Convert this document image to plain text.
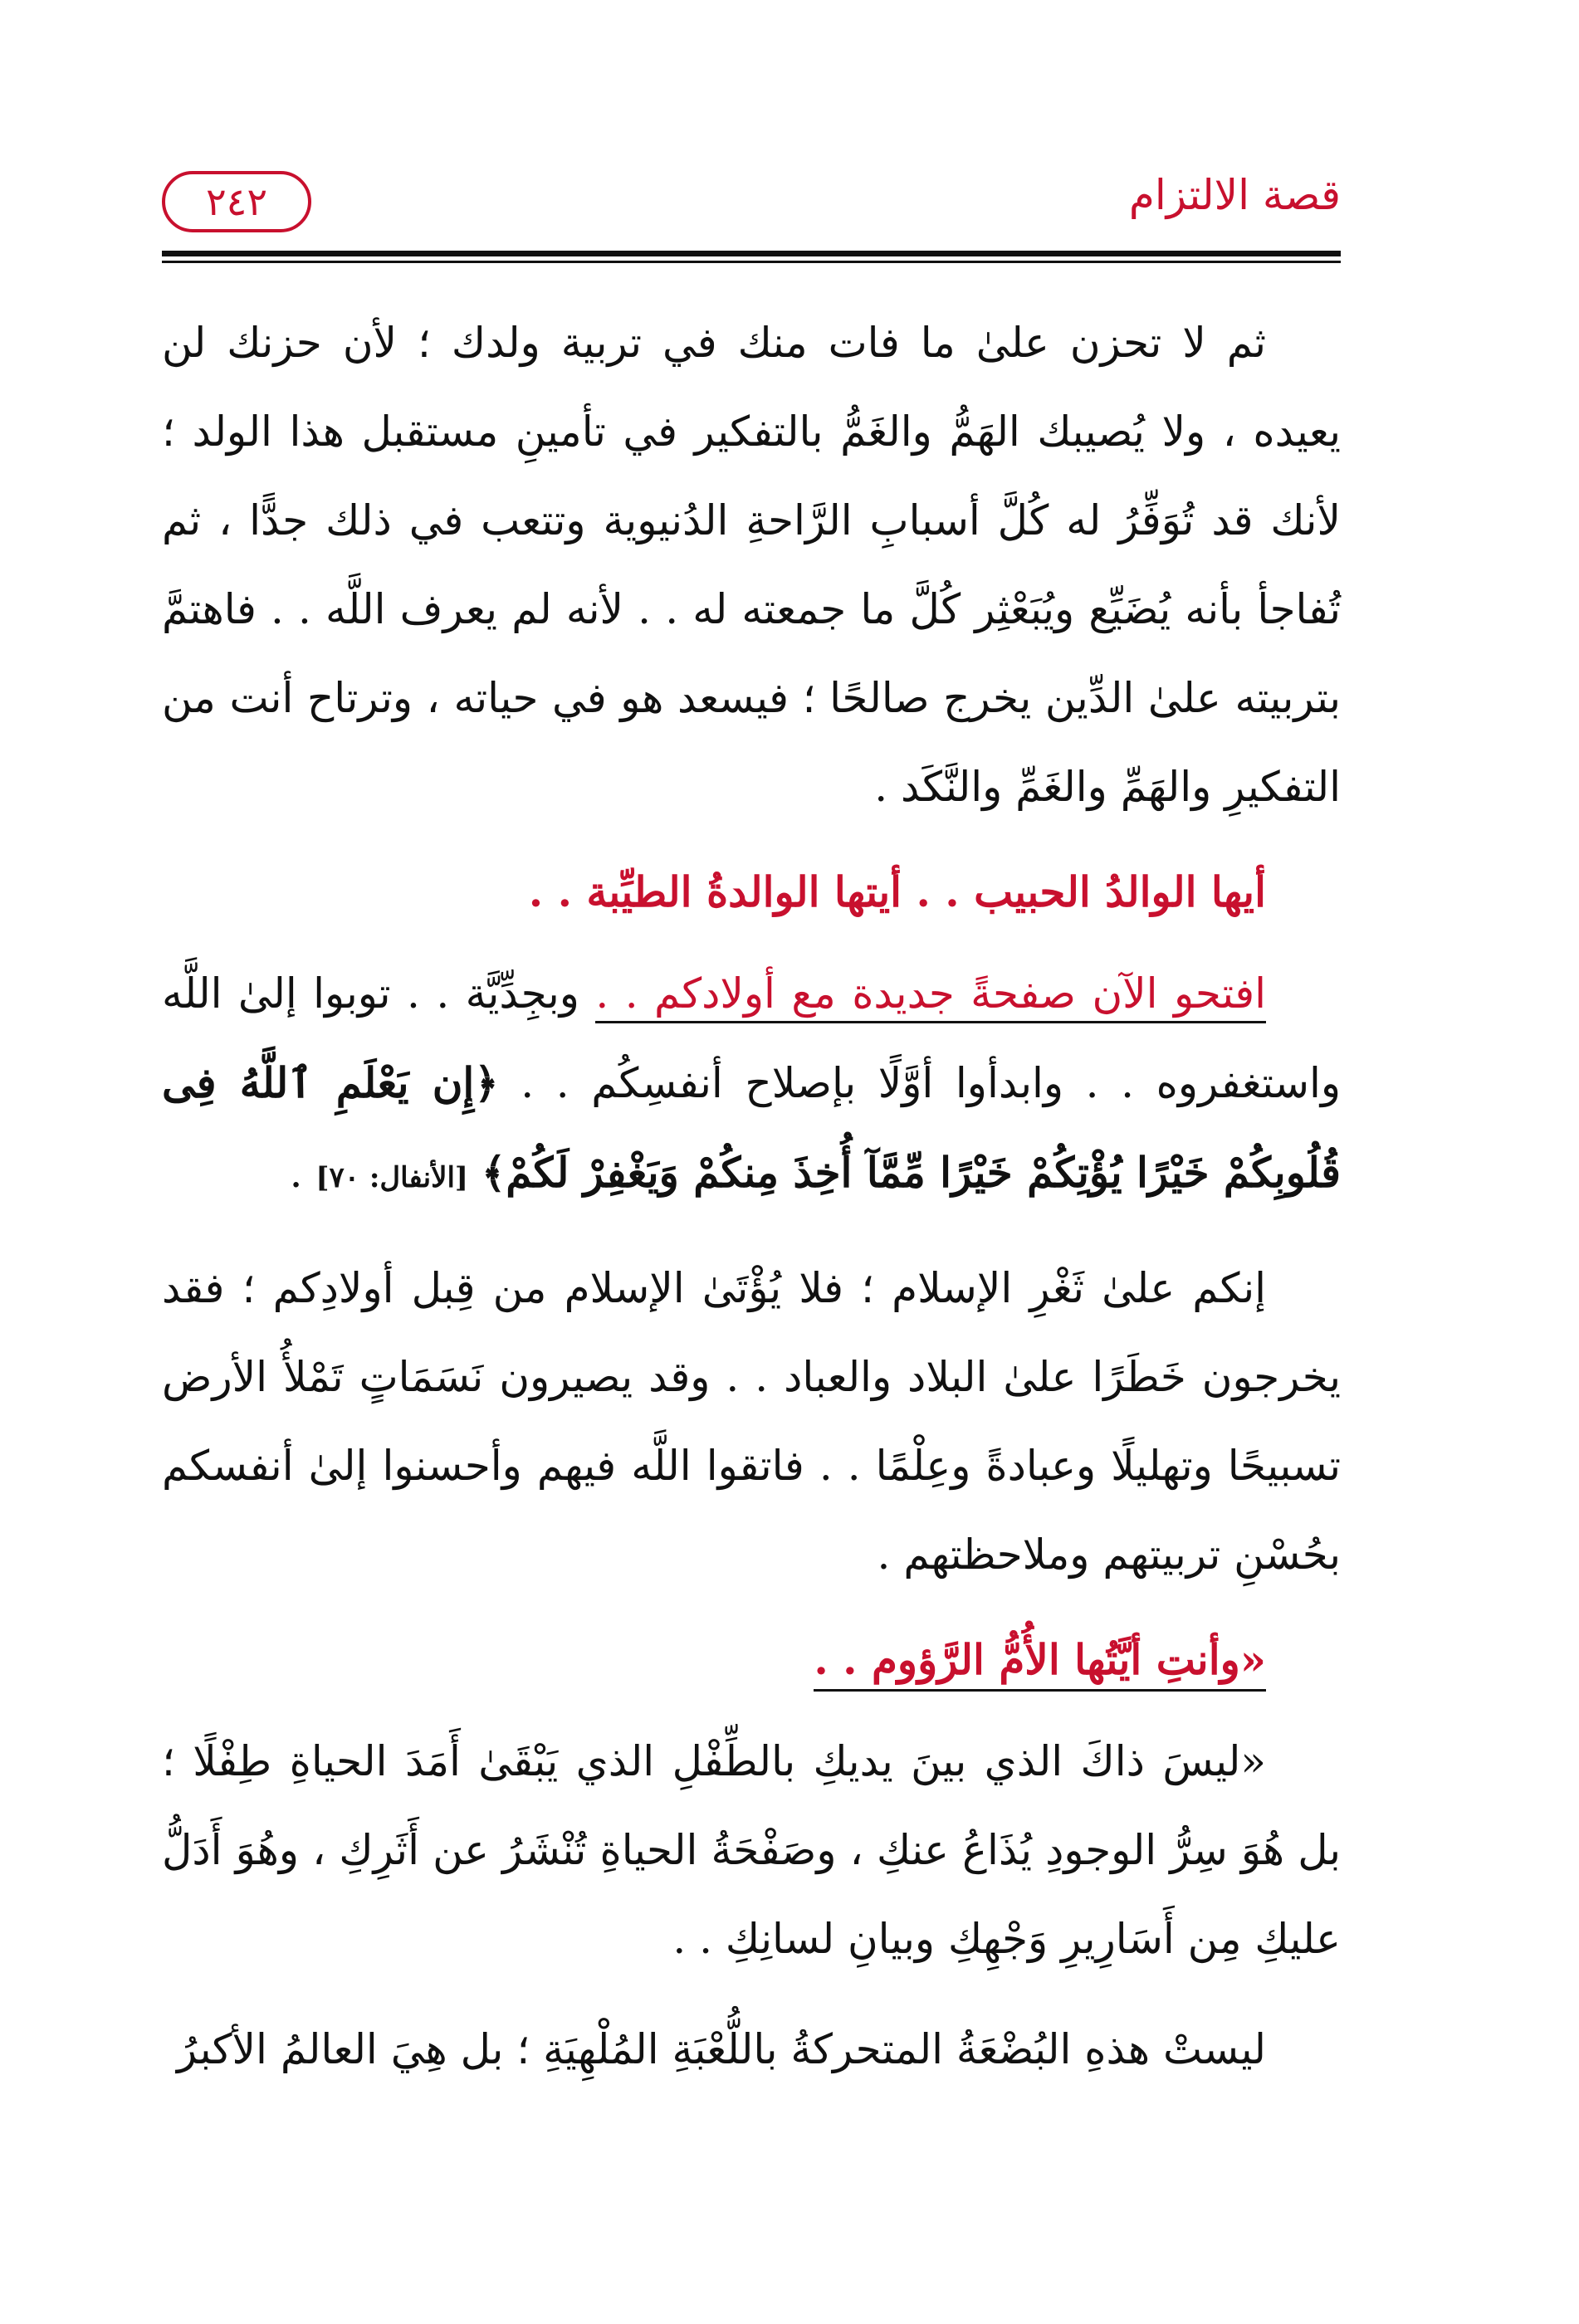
قصة الالتزام
٢٤٢

ثم لا تحزن علىٰ ما فات منك في تربية ولدك ؛ لأن حزنك لن يعيده ، ولا يُصيبك الهَمُّ والغَمُّ بالتفكير في تأمينِ مستقبل هذا الولد ؛ لأنك قد تُوَفِّرُ له كُلَّ أسبابِ الرَّاحةِ الدُنيوية وتتعب في ذلك جدًّا ، ثم تُفاجأ بأنه يُضَيِّع ويُبَعْثِر كُلَّ ما جمعته له . . لأنه لم يعرف اللَّه . . فاهتمَّ بتربيته علىٰ الدِّين يخرج صالحًا ؛ فيسعد هو في حياته ، وترتاح أنت من التفكيرِ والهَمِّ والغَمِّ والنَّكَد .

أيها الوالدُ الحبيب . . أيتها الوالدةُ الطيِّبة . .

افتحو الآن صفحةً جديدة مع أولادكم . . وبجِدِّيَّة . . توبوا إلىٰ اللَّه واستغفروه . . وابدأوا أوَّلًا بإصلاح أنفسِكُم . . ﴿إِن يَعْلَمِ ٱللَّهُ فِى قُلُوبِكُمْ خَيْرًا يُؤْتِكُمْ خَيْرًا مِّمَّآ أُخِذَ مِنكُمْ وَيَغْفِرْ لَكُمْ﴾ [الأنفال: ٧٠] .

إنكم علىٰ ثَغْرِ الإسلام ؛ فلا يُؤْتَىٰ الإسلام من قِبل أولادِكم ؛ فقد يخرجون خَطَرًا علىٰ البلاد والعباد . . وقد يصيرون نَسَمَاتٍ تَمْلأُ الأرض تسبيحًا وتهليلًا وعبادةً وعِلْمًا . . فاتقوا اللَّه فيهم وأحسنوا إلىٰ أنفسكم بحُسْنِ تربيتهم وملاحظتهم .

«وأنتِ أيَّتُها الأُمُّ الرَّؤوم . .

«ليسَ ذاكَ الذي بينَ يديكِ بالطِّفْلِ الذي يَبْقَىٰ أَمَدَ الحياةِ طِفْلًا ؛ بل هُوَ سِرُّ الوجودِ يُذَاعُ عنكِ ، وصَفْحَةُ الحياةِ تُنْشَرُ عن أَثَرِكِ ، وهُوَ أَدَلُّ عليكِ مِن أَسَارِيرِ وَجْهِكِ وبيانِ لسانِكِ . .

ليستْ هذهِ البُضْعَةُ المتحركةُ باللُّعْبَةِ المُلْهِيَةِ ؛ بل هِيَ العالمُ الأكبرُ
